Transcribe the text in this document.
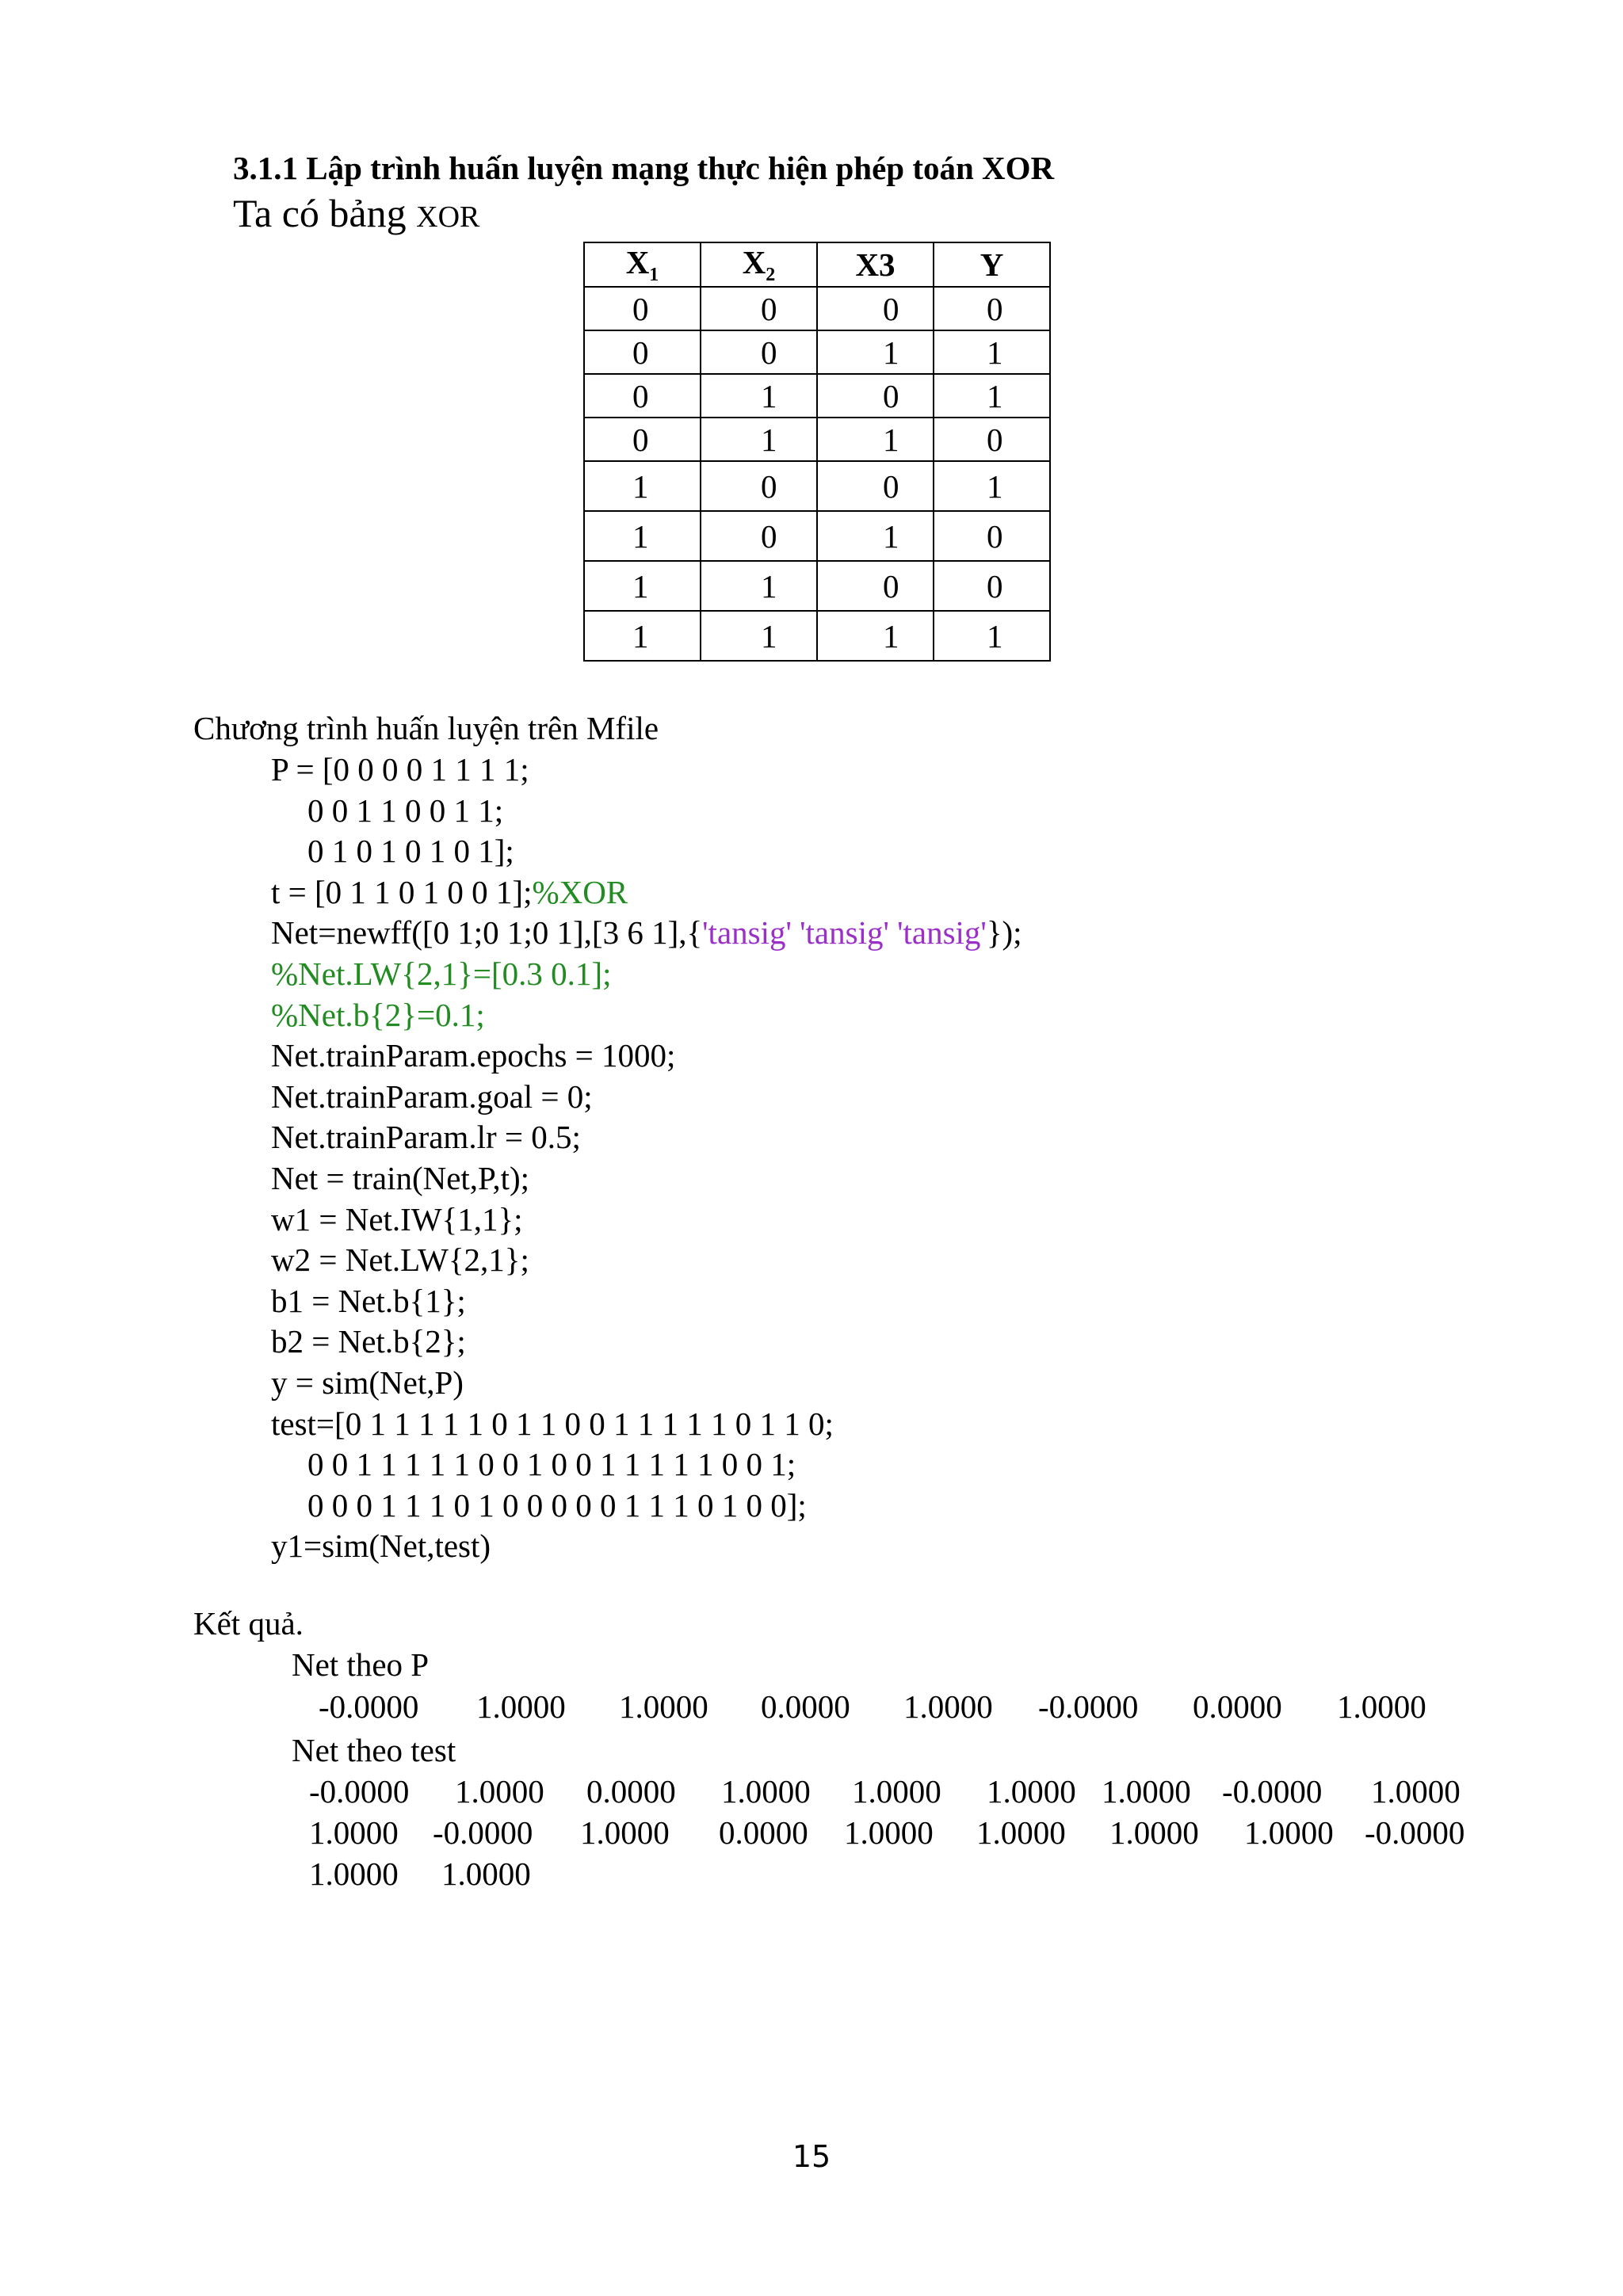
3.1.1 Lập trình huấn luyện mạng thực hiện phép toán XOR
Ta có bảng XOR
$X_1$	$X_2$	X3	Y
0	0	0	0
0	0	1	1
0	1	0	1
0	1	1	0
1	0	0	1
1	0	1	0
1	1	0	0
1	1	1	1
Chương trình huấn luyện trên Mfile
P = [0 0 0 0 1 1 1 1;
0 0 1 1 0 0 1 1;
0 1 0 1 0 1 0 1];
t = [0 1 1 0 1 0 0 1];%XOR
Net=newff([0 1;0 1;0 1],[3 6 1],{'tansig' 'tansig' 'tansig'});
%Net.LW{2,1}=[0.3 0.1];
%Net.b{2}=0.1;
Net.trainParam.epochs = 1000;
Net.trainParam.goal = 0;
Net.trainParam.lr = 0.5;
Net = train(Net,P,t);
w1 = Net.IW{1,1};
w2 = Net.LW{2,1};
b1 = Net.b{1};
b2 = Net.b{2};
y = sim(Net,P)
test=[0 1 1 1 1 1 0 1 1 0 0 1 1 1 1 1 0 1 1 0;
0 0 1 1 1 1 1 0 0 1 0 0 1 1 1 1 1 0 0 1;
0 0 0 1 1 1 0 1 0 0 0 0 0 1 1 1 0 1 0 0];
y1=sim(Net,test)
Kết quả.
Net theo P
-0.0000 1.0000 1.0000 0.0000 1.0000 -0.0000 0.0000 1.0000
Net theo test
-0.0000 1.0000 0.0000 1.0000 1.0000 1.0000 1.0000 -0.0000 1.0000
1.0000 -0.0000 1.0000 0.0000 1.0000 1.0000 1.0000 1.0000 -0.0000
1.0000 1.0000
15
